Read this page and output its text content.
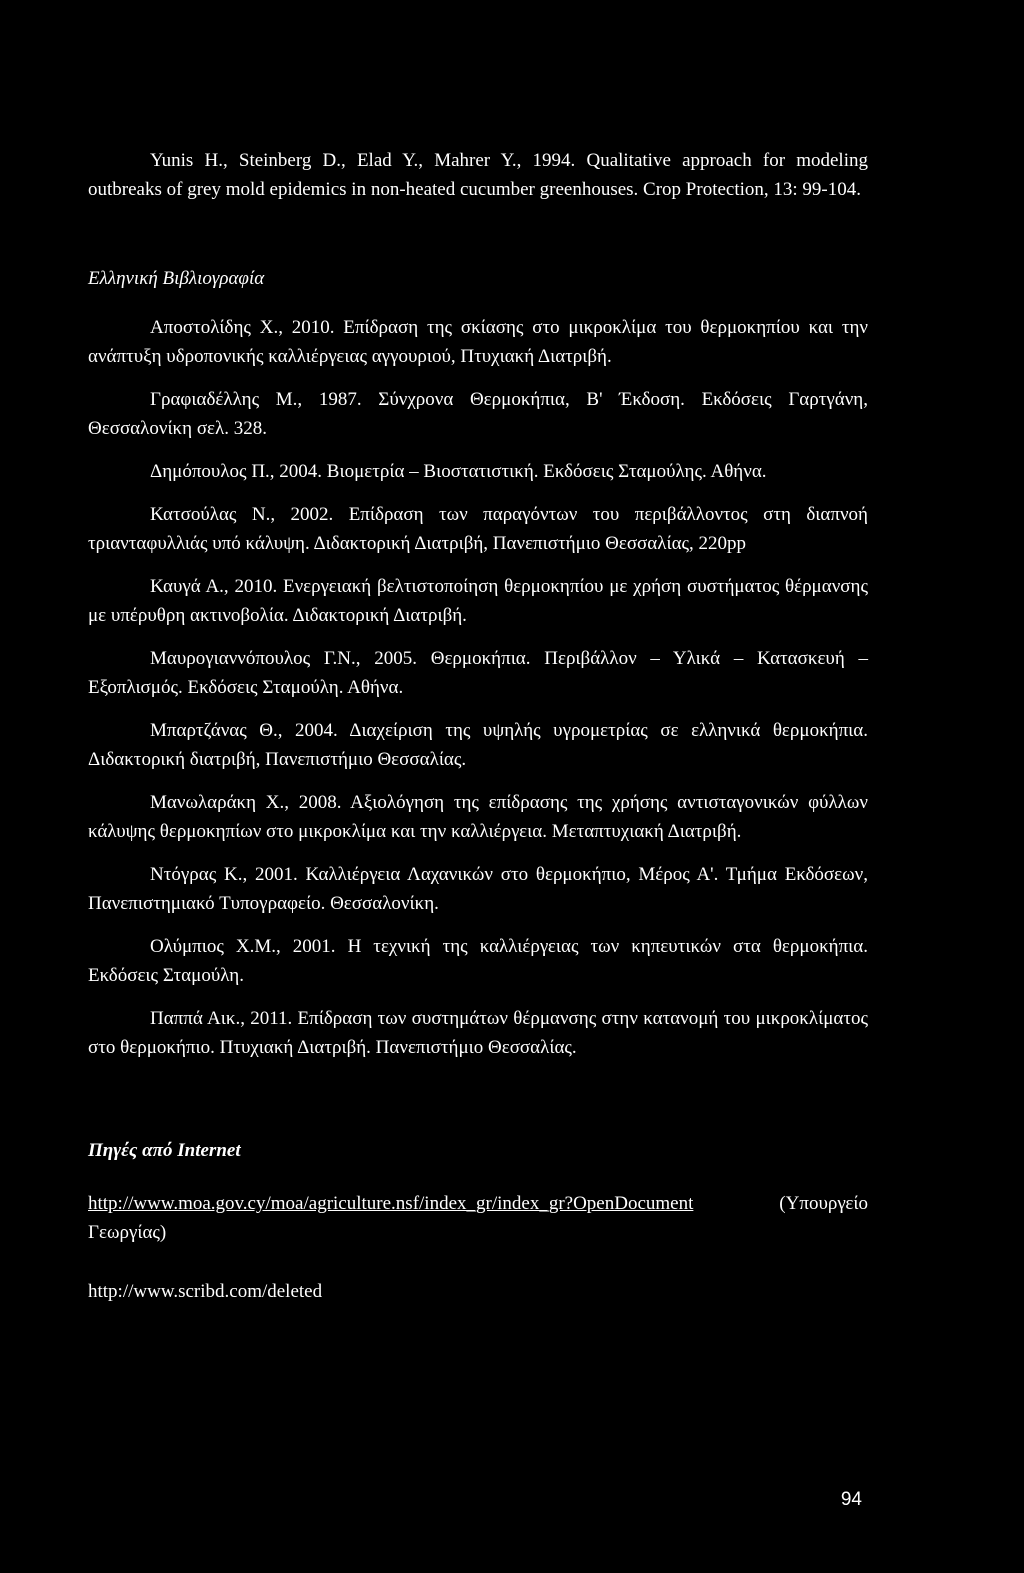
Yunis H., Steinberg D., Elad Y., Mahrer Y., 1994. Qualitative approach for modeling outbreaks of grey mold epidemics in non-heated cucumber greenhouses. Crop Protection, 13: 99-104.

Ελληνική Βιβλιογραφία

Αποστολίδης Χ., 2010. Επίδραση της σκίασης στο μικροκλίμα του θερμοκηπίου και την ανάπτυξη υδροπονικής καλλιέργειας αγγουριού, Πτυχιακή Διατριβή.

Γραφιαδέλλης Μ., 1987. Σύνχρονα Θερμοκήπια, Β' Έκδοση. Εκδόσεις Γαρτγάνη, Θεσσαλονίκη σελ. 328.

Δημόπουλος Π., 2004. Βιομετρία – Βιοστατιστική. Εκδόσεις Σταμούλης. Αθήνα.

Κατσούλας Ν., 2002. Επίδραση των παραγόντων του περιβάλλοντος στη διαπνοή τριανταφυλλιάς υπό κάλυψη. Διδακτορική Διατριβή, Πανεπιστήμιο Θεσσαλίας, 220pp

Καυγά Α., 2010. Ενεργειακή βελτιστοποίηση θερμοκηπίου με χρήση συστήματος θέρμανσης με υπέρυθρη ακτινοβολία. Διδακτορική Διατριβή.

Μαυρογιαννόπουλος Γ.Ν., 2005. Θερμοκήπια. Περιβάλλον – Υλικά – Κατασκευή – Εξοπλισμός. Εκδόσεις Σταμούλη. Αθήνα.

Μπαρτζάνας Θ., 2004. Διαχείριση της υψηλής υγρομετρίας σε ελληνικά θερμοκήπια. Διδακτορική διατριβή, Πανεπιστήμιο Θεσσαλίας.

Μανωλαράκη Χ., 2008. Αξιολόγηση της επίδρασης της χρήσης αντισταγονικών φύλλων κάλυψης θερμοκηπίων στο μικροκλίμα και την καλλιέργεια. Μεταπτυχιακή Διατριβή.

Ντόγρας Κ., 2001. Καλλιέργεια Λαχανικών στο θερμοκήπιο, Μέρος Α'. Τμήμα Εκδόσεων, Πανεπιστημιακό Τυπογραφείο. Θεσσαλονίκη.

Ολύμπιος Χ.Μ., 2001. Η τεχνική της καλλιέργειας των κηπευτικών στα θερμοκήπια. Εκδόσεις Σταμούλη.

Παππά Αικ., 2011. Επίδραση των συστημάτων θέρμανσης στην κατανομή του μικροκλίματος στο θερμοκήπιο. Πτυχιακή Διατριβή. Πανεπιστήμιο Θεσσαλίας.

Πηγές από Internet

http://www.moa.gov.cy/moa/agriculture.nsf/index_gr/index_gr?OpenDocument	(Υπουργείο

Γεωργίας)

http://www.scribd.com/deleted

94
